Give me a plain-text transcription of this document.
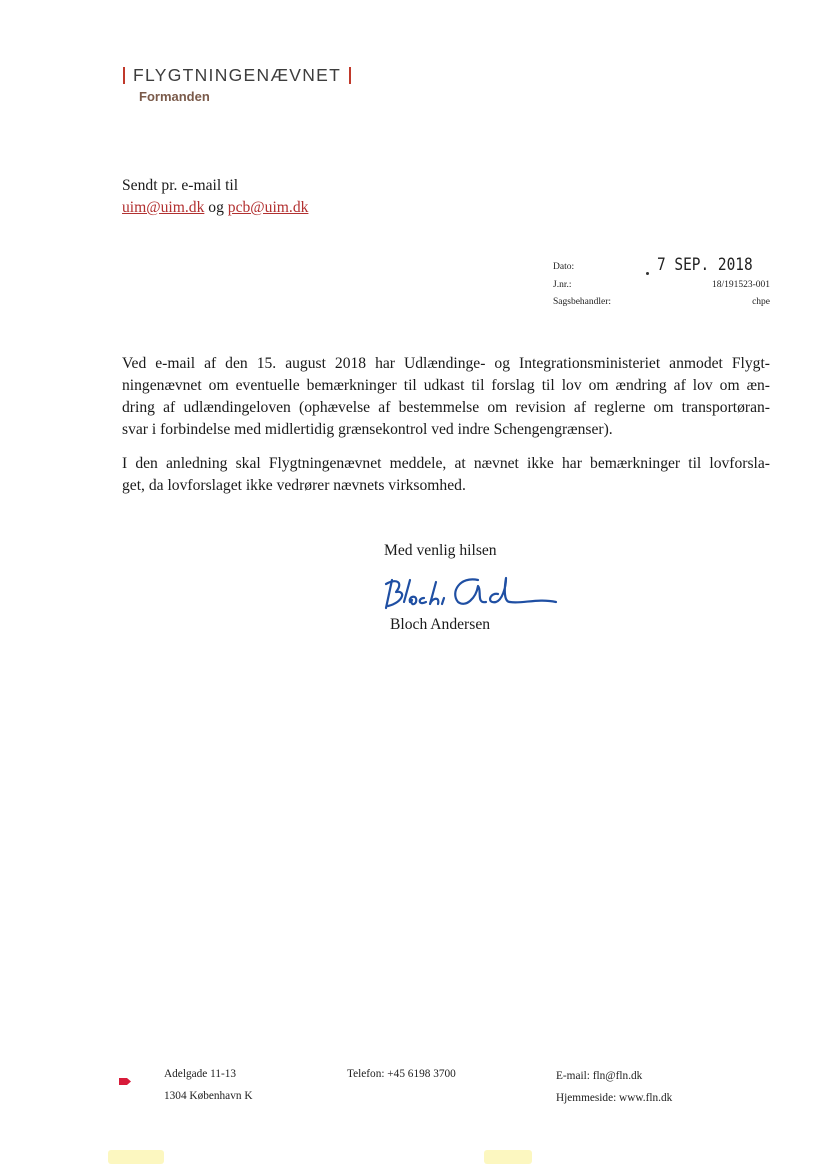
FLYGTNINGENÆVNET
Formanden
Sendt pr. e-mail til
uim@uim.dk og pcb@uim.dk
Dato:	7 SEP. 2018
J.nr.:	18/191523-001
Sagsbehandler:	chpe

Ved e-mail af den 15. august 2018 har Udlændinge- og Integrationsministeriet anmodet Flygt-

ningenævnet om eventuelle bemærkninger til udkast til forslag til lov om ændring af lov om æn-

dring af udlændingeloven (ophævelse af bestemmelse om revision af reglerne om transportøran-

svar i forbindelse med midlertidig grænsekontrol ved indre Schengengrænser).

I den anledning skal Flygtningenævnet meddele, at nævnet ikke har bemærkninger til lovforsla-

get, da lovforslaget ikke vedrører nævnets virksomhed.

Med venlig hilsen
Bloch Andersen
Adelgade 11-13
1304 København K
Telefon: +45 6198 3700	E-mail: fln@fln.dk
Hjemmeside: www.fln.dk
